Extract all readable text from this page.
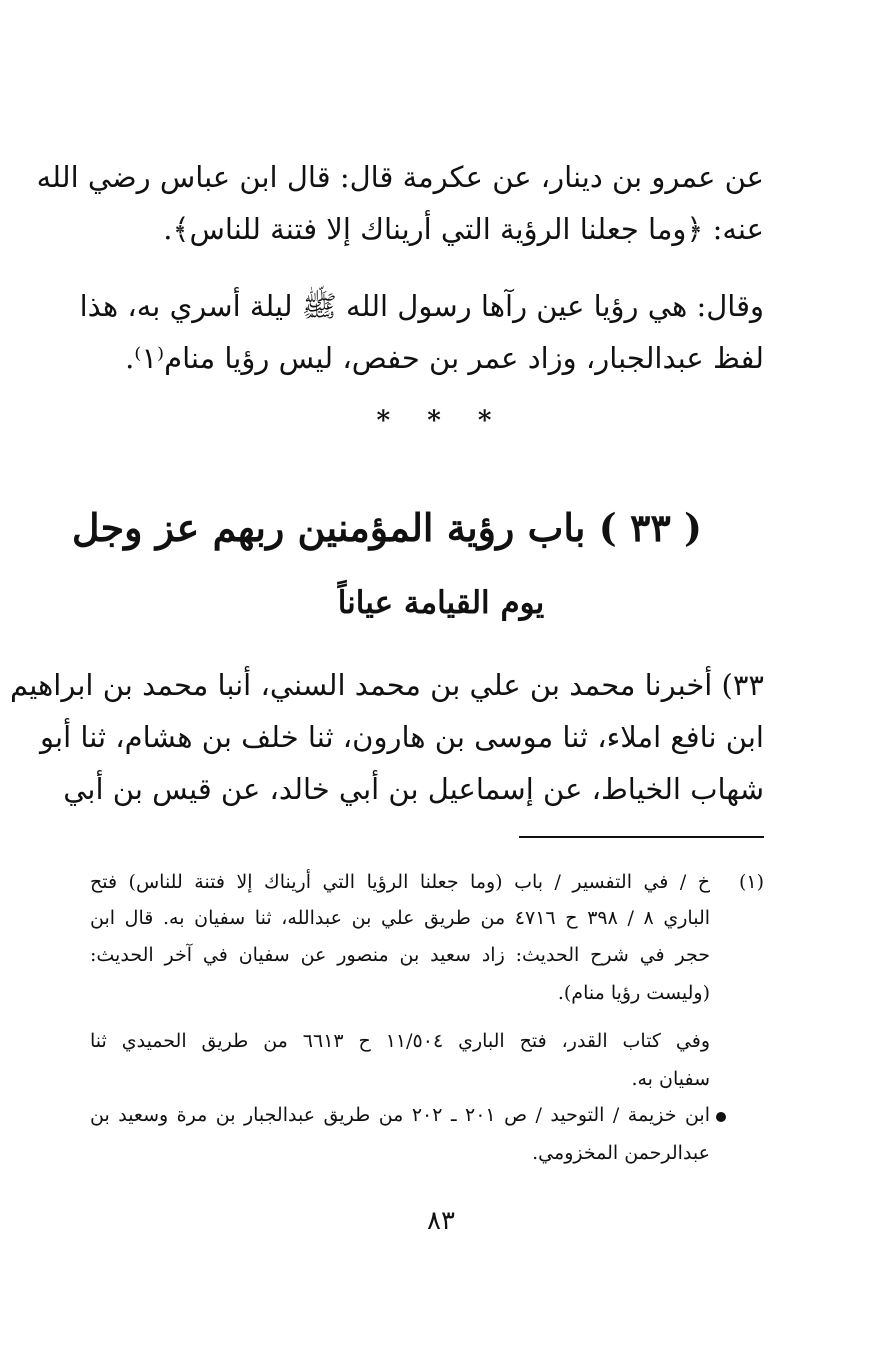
عن عمرو بن دينار، عن عكرمة قال: قال ابن عباس رضي الله

عنه: ﴿وما جعلنا الرؤية التي أريناك إلا فتنة للناس﴾.

وقال: هي رؤيا عين رآها رسول الله ﷺ ليلة أسري به، هذا

لفظ عبدالجبار، وزاد عمر بن حفص، ليس رؤيا منام⁽١⁾.

* * *
( ٣٣ ) باب رؤية المؤمنين ربهم عز وجل
يوم القيامة عياناً

٣٣) أخبرنا محمد بن علي بن محمد السني، أنبا محمد بن ابراهيم

ابن نافع املاء، ثنا موسى بن هارون، ثنا خلف بن هشام، ثنا أبو

شهاب الخياط، عن إسماعيل بن أبي خالد، عن قيس بن أبي

(١)

خ / في التفسير / باب (وما جعلنا الرؤيا التي أريناك إلا فتنة للناس) فتح

الباري ٨ / ٣٩٨ ح ٤٧١٦ من طريق علي بن عبدالله، ثنا سفيان به. قال ابن

حجر في شرح الحديث: زاد سعيد بن منصور عن سفيان في آخر الحديث:

(وليست رؤيا منام).

وفي كتاب القدر، فتح الباري ١١/٥٠٤ ح ٦٦١٣ من طريق الحميدي ثنا

سفيان به.

ابن خزيمة / التوحيد / ص ٢٠١ ـ ٢٠٢ من طريق عبدالجبار بن مرة وسعيد بن

عبدالرحمن المخزومي.

٨٣
